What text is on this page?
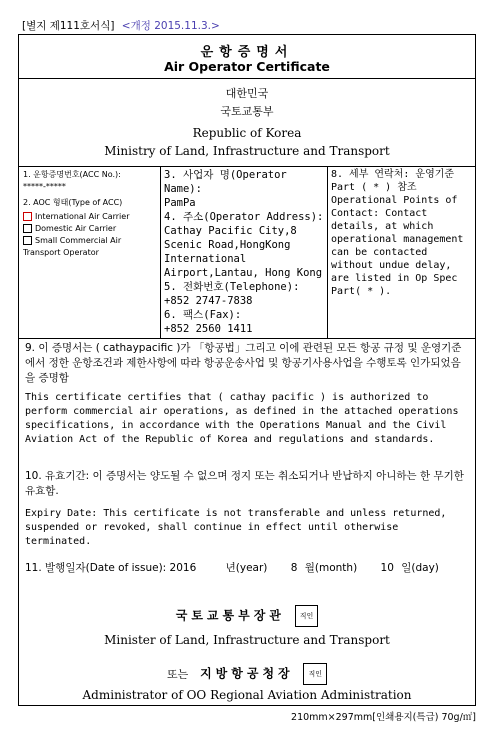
[별지 제111호서식] <개정 2015.11.3.>
운항증명서
Air Operator Certificate
대한민국
국토교통부
Republic of Korea
Ministry of Land, Infrastructure and Transport
1. 운항증명번호(ACC No.):
*****-*****
2. AOC 형태(Type of ACC)
International Air Carrier
Domestic Air Carrier
Small Commercial Air Transport Operator
3. 사업자 명(Operator Name):
PamPa
4. 주소(Operator Address):
Cathay Pacific City,8 Scenic Road,HongKong International Airport,Lantau, Hong Kong
5. 전화번호(Telephone):
+852 2747-7838
6. 팩스(Fax):
+852 2560 1411
8. 세부 연락처: 운영기준 Part ( * ) 참조
Operational Points of Contact: Contact details, at which operational management can be contacted without undue delay, are listed in Op Spec Part( * ).
9. 이 증명서는 ( cathaypacific )가 「항공법」그리고 이에 관련된 모든 항공 규정 및 운영기준에서 정한 운항조건과 제한사항에 따라 항공운송사업 및 항공기사용사업을 수행토록 인가되었음을 증명함
This certificate certifies that ( cathay pacific ) is authorized to perform commercial air operations, as defined in the attached operations specifications, in accordance with the Operations Manual and the Civil Aviation Act of the Republic of Korea and regulations and standards.
10. 유효기간: 이 증명서는 양도될 수 없으며 정지 또는 취소되거나 반납하지 아니하는 한 무기한 유효함.
Expiry Date: This certificate is not transferable and unless returned, suspended or revoked, shall continue in effect until otherwise terminated.
11. 발행일자(Date of issue): 2016	년(year) 8 월(month) 10 일(day)
국토교통부장관 직인
Minister of Land, Infrastructure and Transport
또는 지방항공청장 직인
Administrator of OO Regional Aviation Administration
210mm×297mm[인쇄용지(특급) 70g/㎡]
